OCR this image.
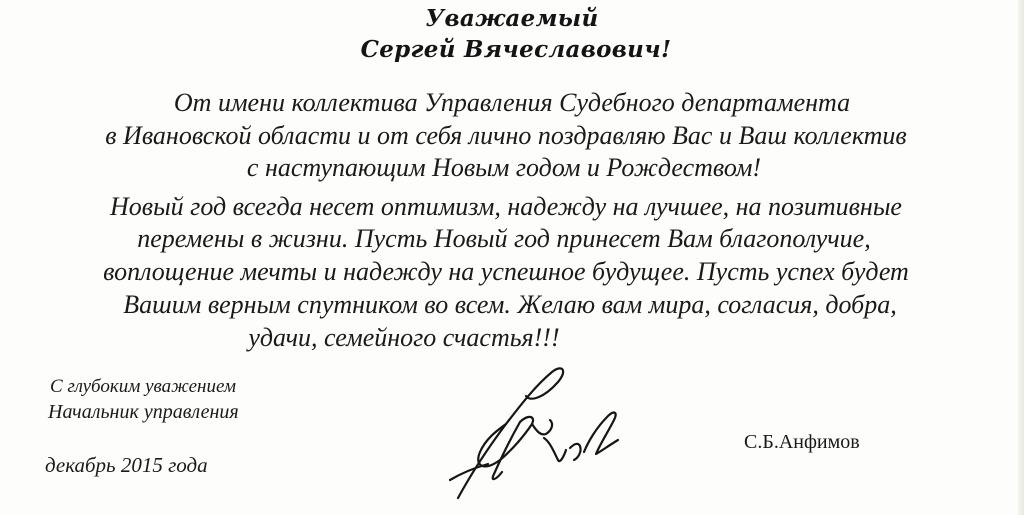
Уважаемый
Сергей Вячеславович!
От имени коллектива Управления Судебного департамента
в Ивановской области и от себя лично поздравляю Вас и Ваш коллектив
с наступающим Новым годом и Рождеством!
Новый год всегда несет оптимизм, надежду на лучшее, на позитивные
перемены в жизни. Пусть Новый год принесет Вам благополучие,
воплощение мечты и надежду на успешное будущее. Пусть успех будет
Вашим верным спутником во всем. Желаю вам мира, согласия, добра,
удачи, семейного счастья!!!
С глубоким уважением
Начальник управления
декабрь 2015 года
С.Б.Анфимов
